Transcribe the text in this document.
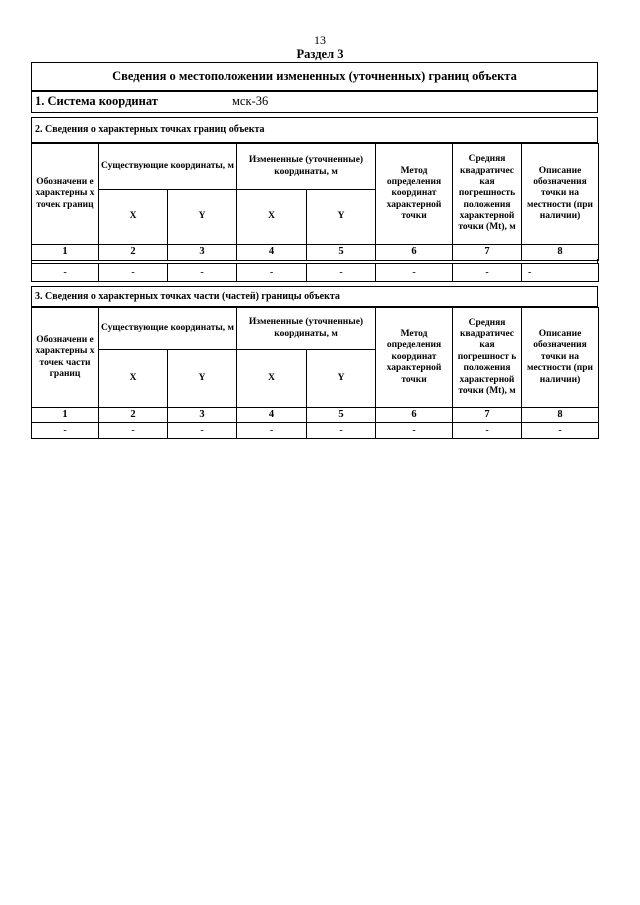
13
Раздел 3
Сведения о местоположении измененных (уточненных) границ объекта
1. Система координат	мск-36
2. Сведения о характерных точках границ объекта
Обозначени е характерны х точек границ	Существующие координаты, м		Измененные (уточненные) координаты, м		Метод определения координат характерной точки	Средняя квадратичес кая погрешность положения характерной точки (Mt), м	Описание обозначения точки на местности (при наличии)
	X	Y	X	Y			
1	2	3	4	5	6	7	8
-	-	-	-	-	-	-	-
3. Сведения о характерных точках части (частей) границы объекта
Обозначени е характерны х точек части границ	Существующие координаты, м		Измененные (уточненные) координаты, м		Метод определения координат характерной точки	Средняя квадратичес кая погрешност ь положения характерной точки (Mt), м	Описание обозначения точки на местности (при наличии)
	X	Y	X	Y			
1	2	3	4	5	6	7	8
-	-	-	-	-	-	-	-
